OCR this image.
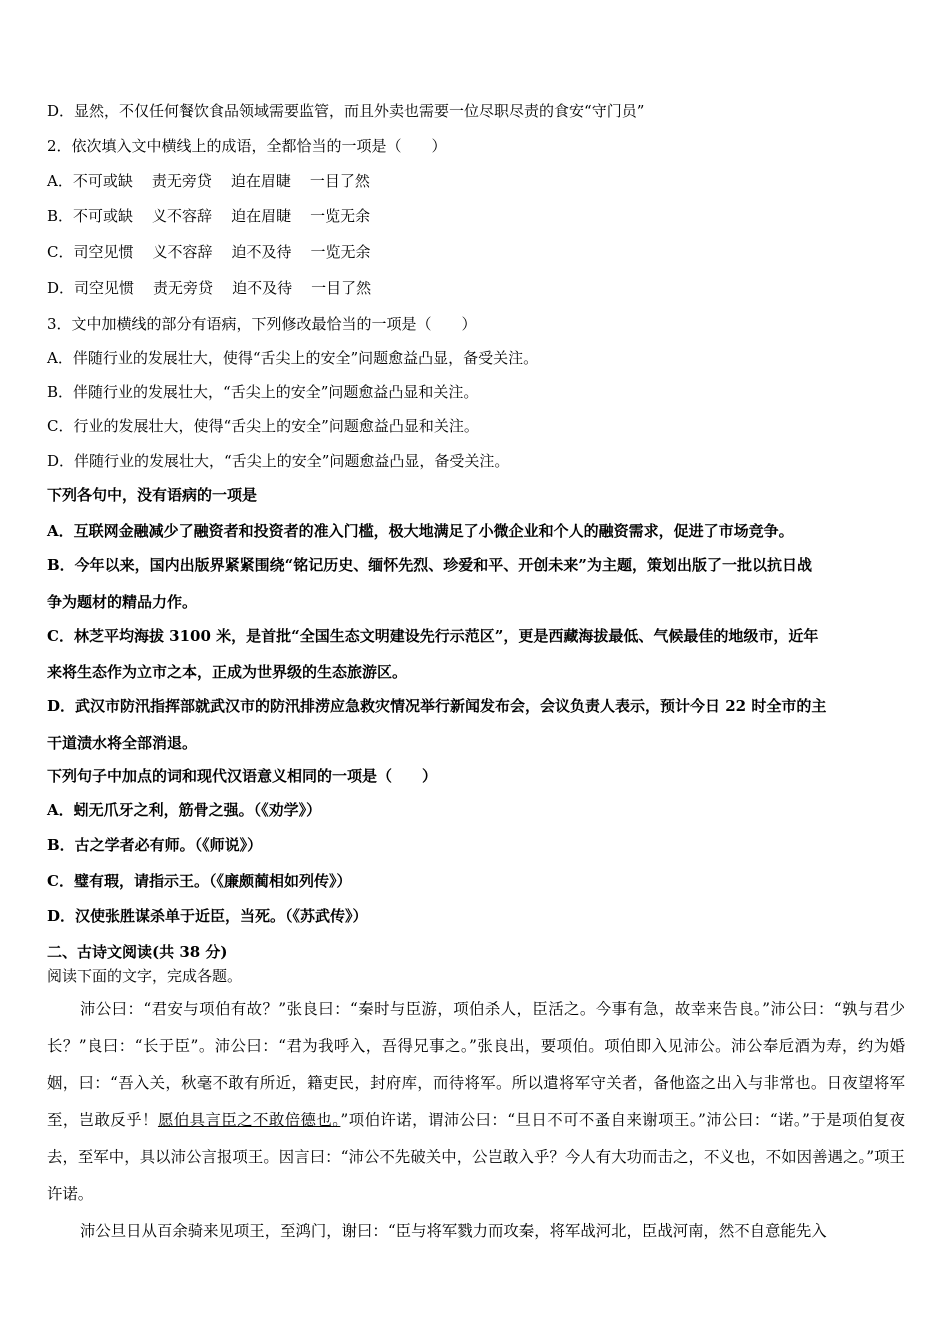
D．显然，不仅任何餐饮食品领域需要监管，而且外卖也需要一位尽职尽责的食安“守门员”
2．依次填入文中横线上的成语，全都恰当的一项是（　　）
A．不可或缺 责无旁贷 迫在眉睫 一目了然
B．不可或缺 义不容辞 迫在眉睫 一览无余
C．司空见惯 义不容辞 迫不及待 一览无余
D．司空见惯 责无旁贷 迫不及待 一目了然
3．文中加横线的部分有语病，下列修改最恰当的一项是（　　）
A．伴随行业的发展壮大，使得“舌尖上的安全”问题愈益凸显，备受关注。
B．伴随行业的发展壮大，“舌尖上的安全”问题愈益凸显和关注。
C．行业的发展壮大，使得“舌尖上的安全”问题愈益凸显和关注。
D．伴随行业的发展壮大，“舌尖上的安全”问题愈益凸显，备受关注。
下列各句中，没有语病的一项是
A．互联网金融减少了融资者和投资者的准入门槛，极大地满足了小微企业和个人的融资需求，促进了市场竞争。
B．今年以来，国内出版界紧紧围绕“铭记历史、缅怀先烈、珍爱和平、开创未来”为主题，策划出版了一批以抗日战
争为题材的精品力作。
C．林芝平均海拔 3100 米，是首批“全国生态文明建设先行示范区”，更是西藏海拔最低、气候最佳的地级市，近年
来将生态作为立市之本，正成为世界级的生态旅游区。
D．武汉市防汛指挥部就武汉市的防汛排涝应急救灾情况举行新闻发布会，会议负责人表示，预计今日 22 时全市的主
干道渍水将全部消退。
下列句子中加点的词和现代汉语意义相同的一项是（　　）
A．蚓无爪牙之利，筋骨之强。（《劝学》）
B．古之学者必有师。（《师说》）
C．璧有瑕，请指示王。（《廉颇蔺相如列传》）
D．汉使张胜谋杀单于近臣，当死。（《苏武传》）
二、古诗文阅读(共 38 分)
阅读下面的文字，完成各题。

沛公曰：“君安与项伯有故？”张良曰：“秦时与臣游，项伯杀人，臣活之。今事有急，故幸来告良。”沛公曰：“孰与君少长？”良曰：“长于臣”。沛公曰：“君为我呼入，吾得兄事之。”张良出，要项伯。项伯即入见沛公。沛公奉卮酒为寿，约为婚姻，曰：“吾入关，秋毫不敢有所近，籍吏民，封府库，而待将军。所以遣将军守关者，备他盗之出入与非常也。日夜望将军至，岂敢反乎！愿伯具言臣之不敢倍德也。”项伯许诺，谓沛公曰：“旦日不可不蚤自来谢项王。”沛公曰：“诺。”于是项伯复夜去，至军中，具以沛公言报项王。因言曰：“沛公不先破关中，公岂敢入乎？今人有大功而击之，不义也，不如因善遇之。”项王许诺。

沛公旦日从百余骑来见项王，至鸿门，谢曰：“臣与将军戮力而攻秦，将军战河北，臣战河南，然不自意能先入
